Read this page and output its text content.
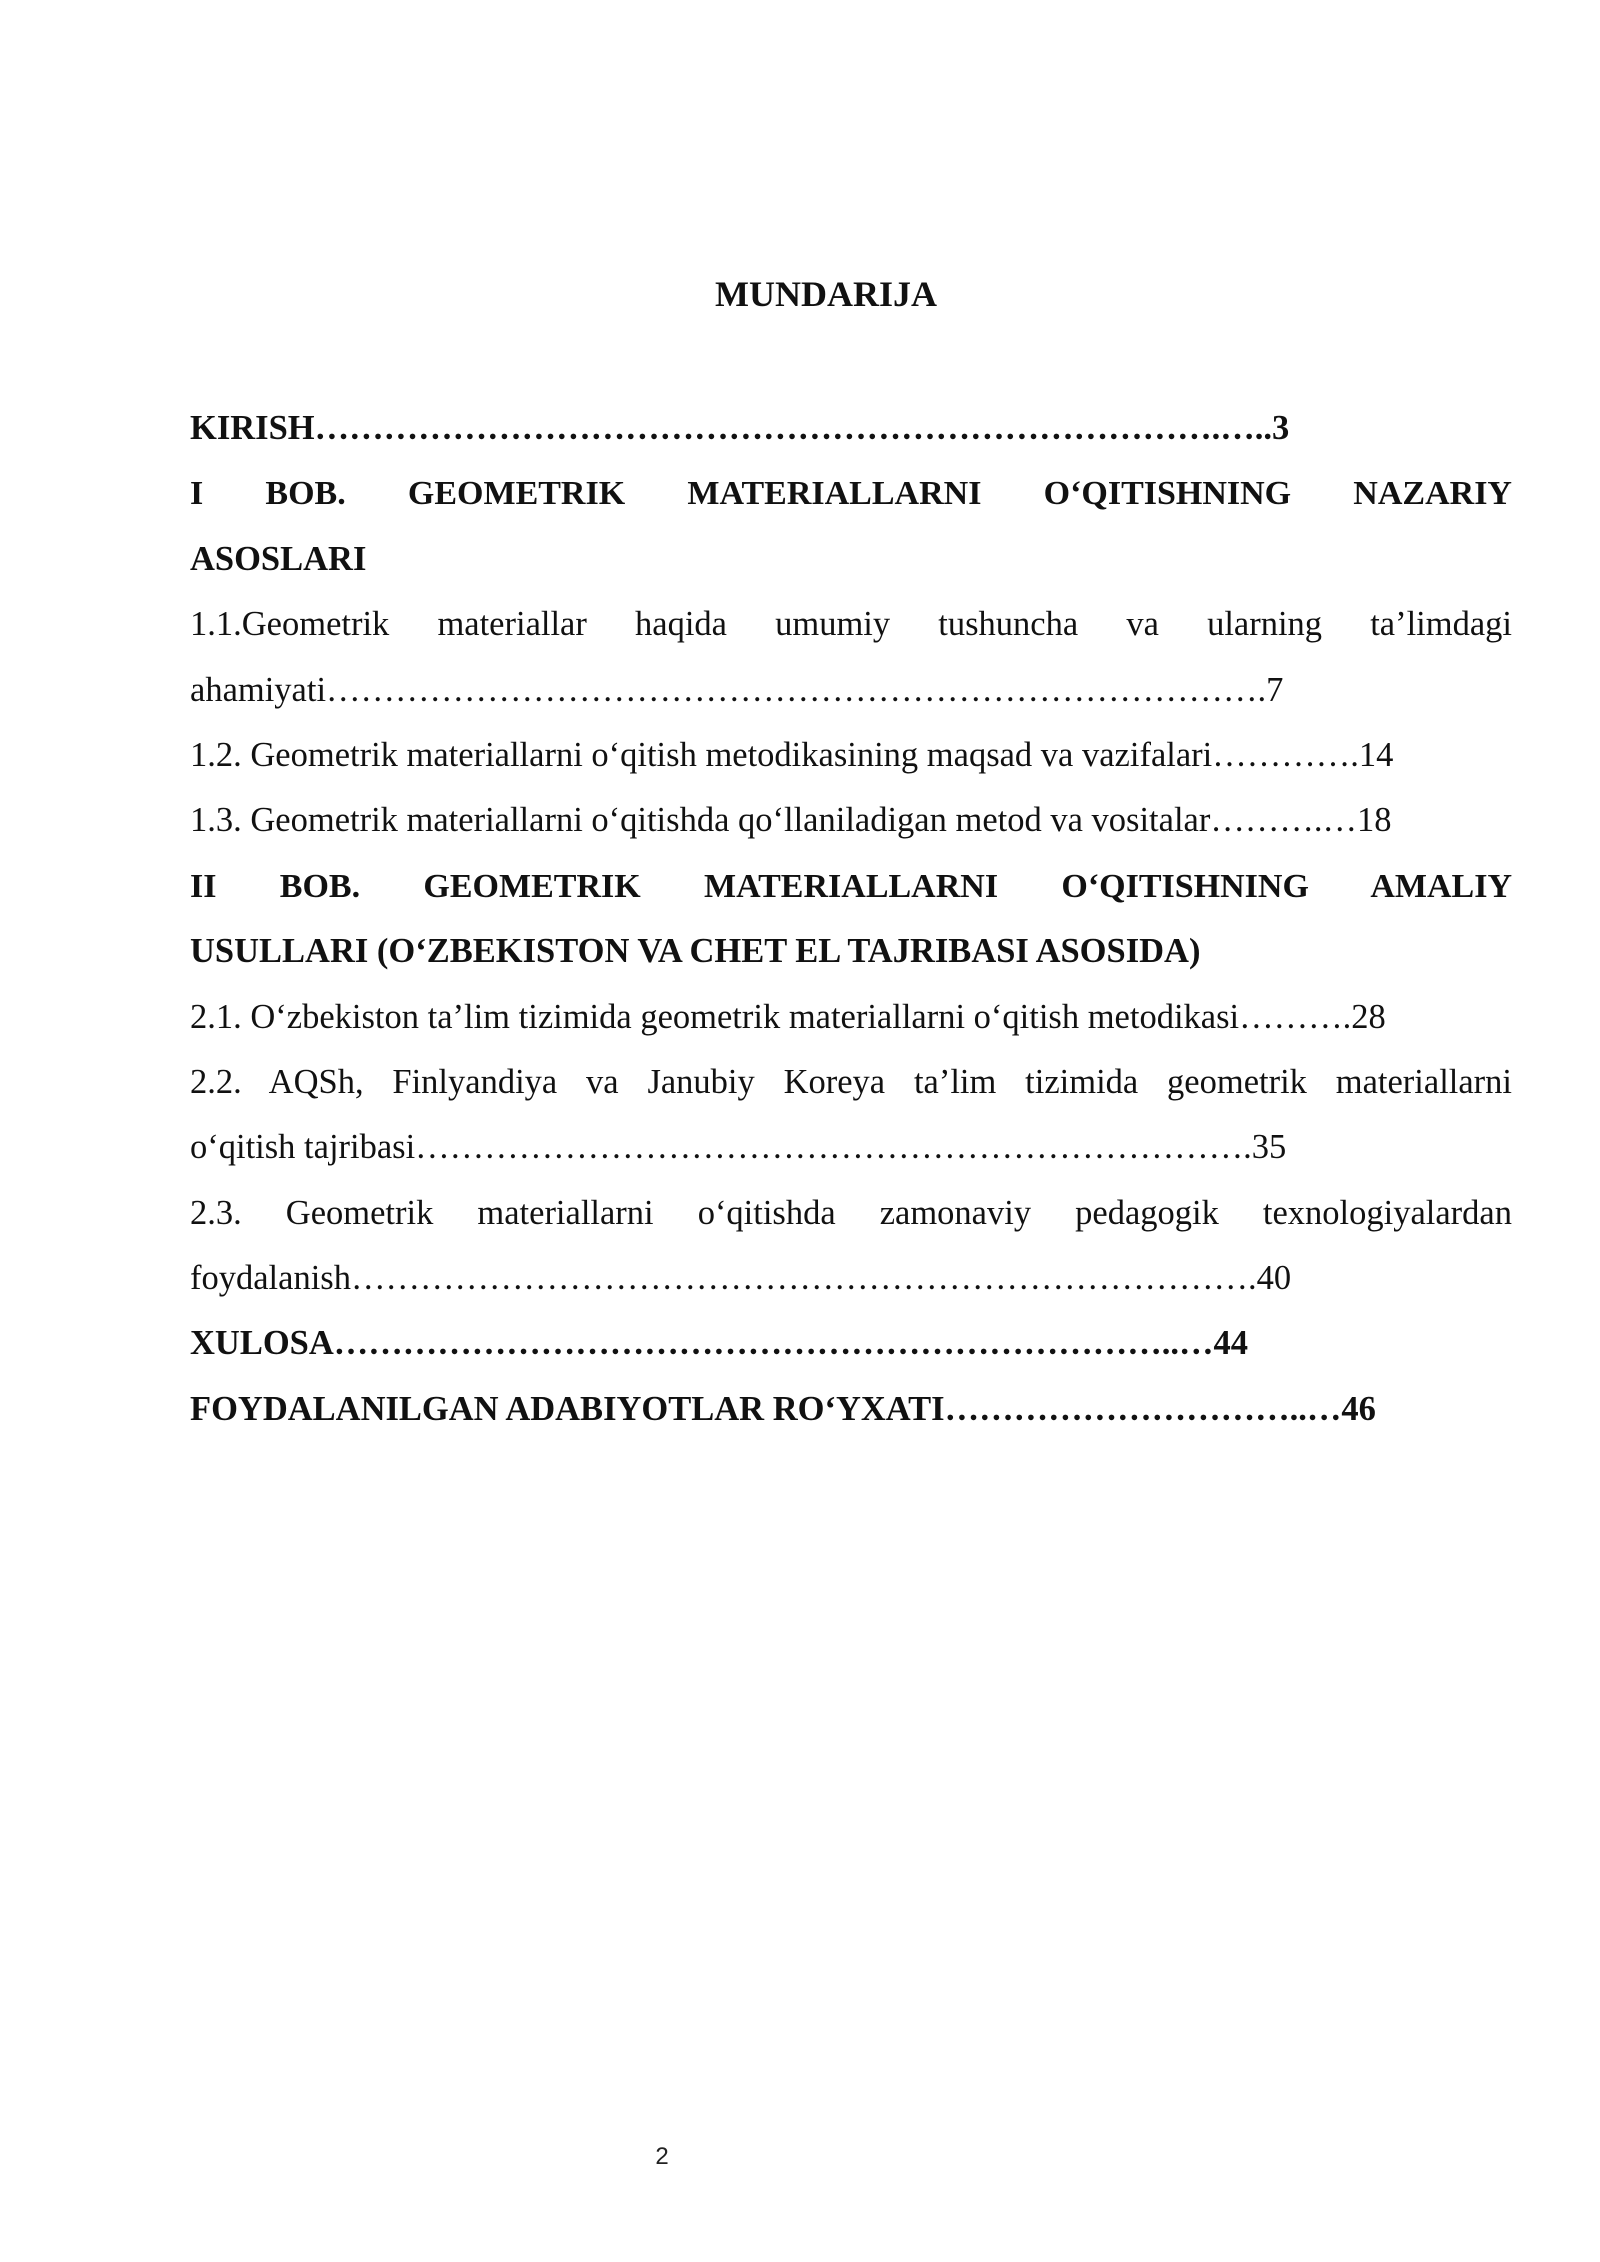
MUNDARIJA
KIRISH…………………………………………………………………….…..3
I BOB. GEOMETRIK MATERIALLARNI O‘QITISHNING NAZARIY
ASOSLARI
1.1.Geometrik materiallar haqida umumiy tushuncha va ularning ta’limdagi
ahamiyati……………………………………………………………………….7
1.2. Geometrik materiallarni o‘qitish metodikasining maqsad va vazifalari………….14
1.3. Geometrik materiallarni o‘qitishda qo‘llaniladigan metod va vositalar……….…18
II BOB. GEOMETRIK MATERIALLARNI O‘QITISHNING AMALIY
USULLARI (O‘ZBEKISTON VA CHET EL TAJRIBASI ASOSIDA)
2.1. O‘zbekiston ta’lim tizimida geometrik materiallarni o‘qitish metodikasi……….28
2.2. AQSh, Finlyandiya va Janubiy Koreya ta’lim tizimida geometrik materiallarni
o‘qitish tajribasi……………………………………………………………….35
2.3. Geometrik materiallarni o‘qitishda zamonaviy pedagogik texnologiyalardan
foydalanish…………………………………………………………………….40
XULOSA………………………………………………………………..…44
FOYDALANILGAN ADABIYOTLAR RO‘YXATI…………………………..…46
2
